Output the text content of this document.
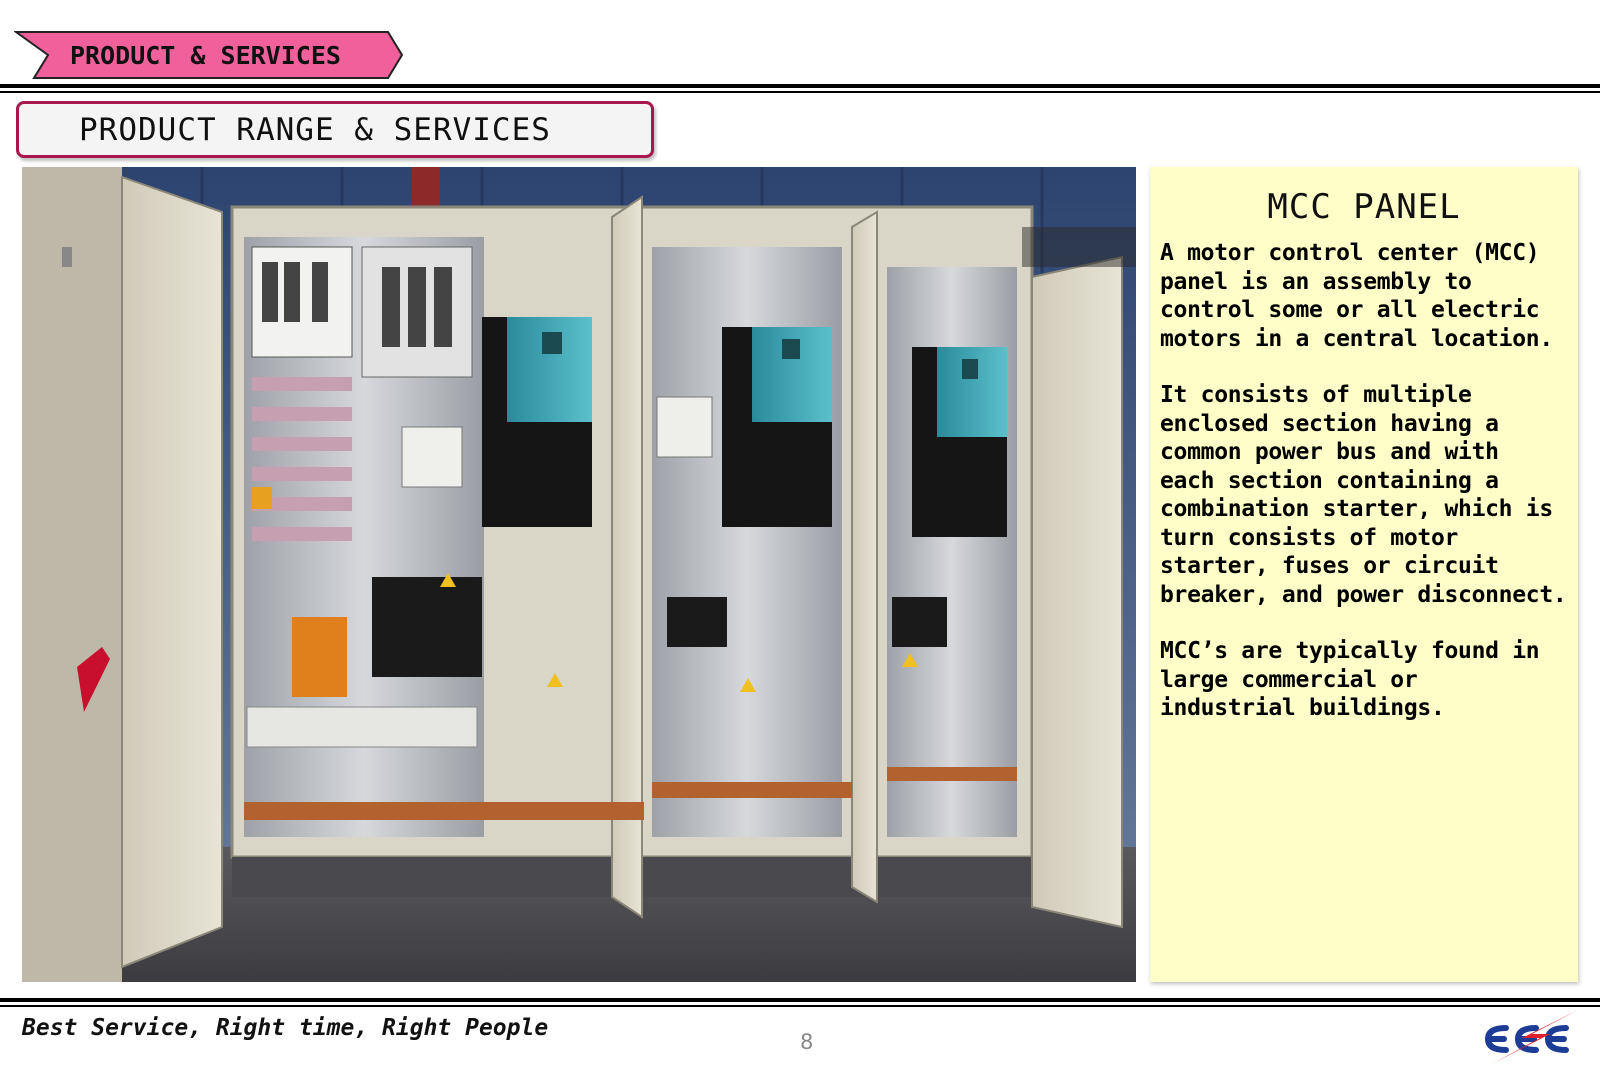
PRODUCT & SERVICES
PRODUCT RANGE & SERVICES
MCC PANEL

A motor control center (MCC)
panel is an assembly to
control some or all electric
motors in a central location.

It consists of multiple
enclosed section having a
common power bus and with
each section containing a
combination starter, which is
turn consists of motor
starter, fuses or circuit
breaker, and power disconnect.

MCC’s are typically found in
large commercial or
industrial buildings.

Best Service, Right time, Right People
8
